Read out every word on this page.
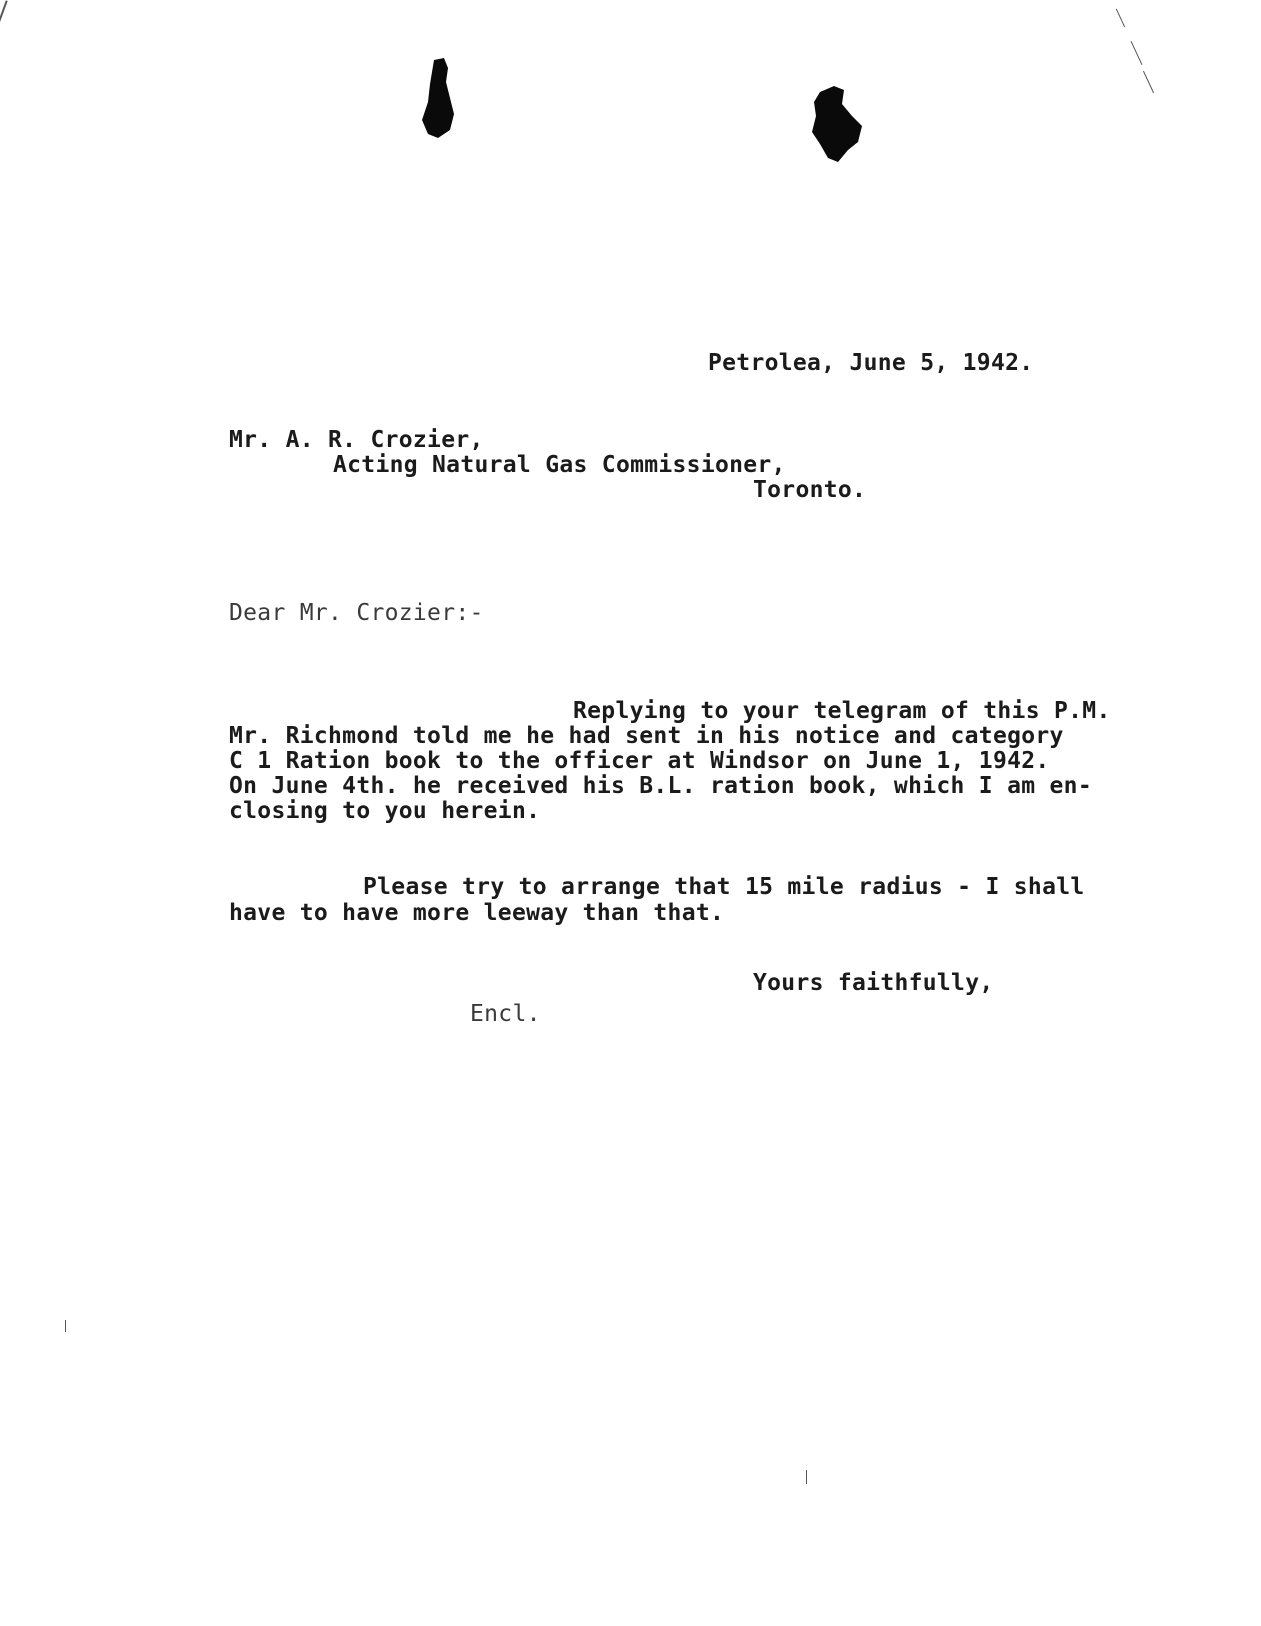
Petrolea, June 5, 1942.
Mr. A. R. Crozier,
Acting Natural Gas Commissioner,
Toronto.
Dear Mr. Crozier:-
Replying to your telegram of this P.M.
Mr. Richmond told me he had sent in his notice and category
C 1 Ration book to the officer at Windsor on June 1, 1942.
On June 4th. he received his B.L. ration book, which I am en-
closing to you herein.
Please try to arrange that 15 mile radius - I shall
have to have more leeway than that.
Yours faithfully,
Encl.
